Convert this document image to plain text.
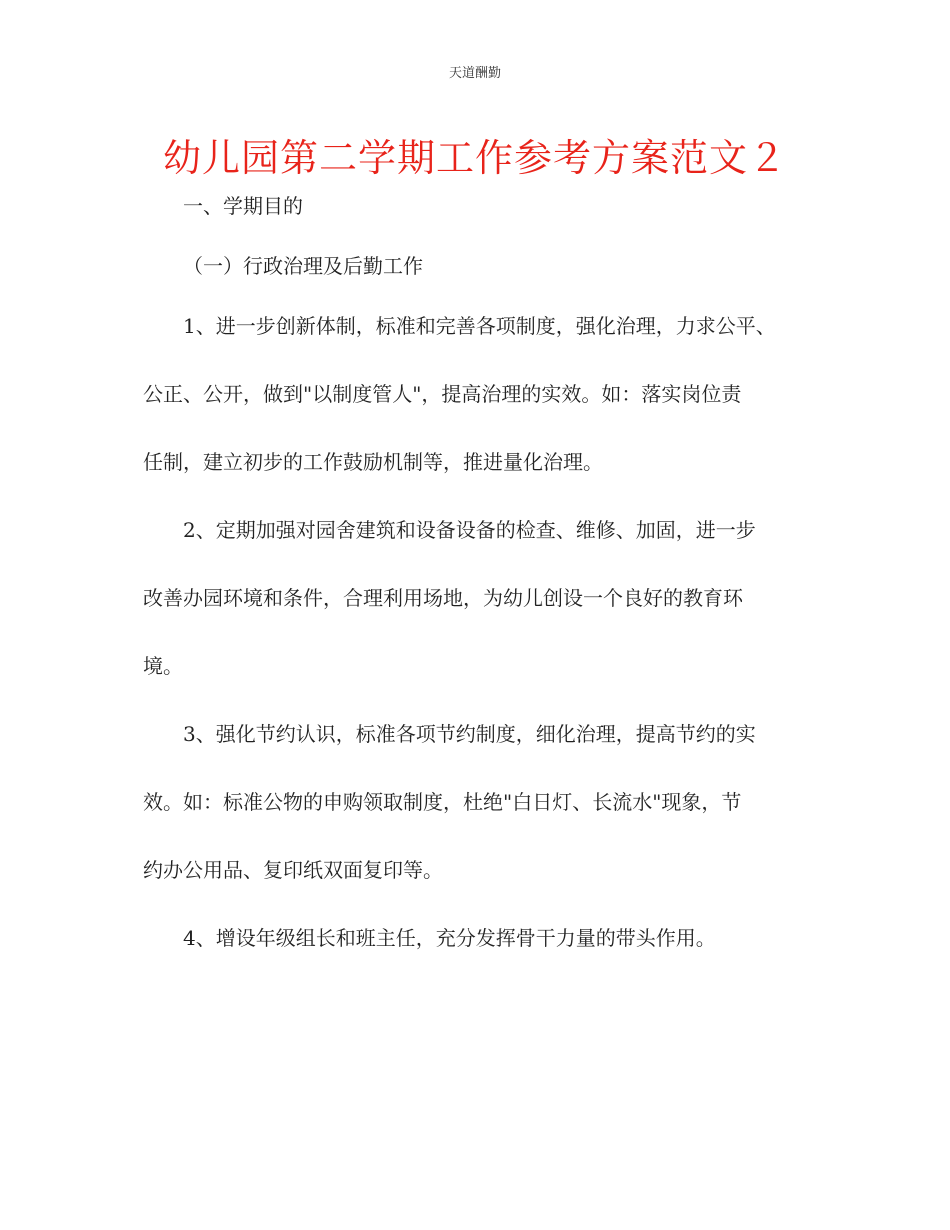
天道酬勤
幼儿园第二学期工作参考方案范文２
一、学期目的
（一）行政治理及后勤工作
1、进一步创新体制，标准和完善各项制度，强化治理，力求公平、
公正、公开，做到"以制度管人"，提高治理的实效。如：落实岗位责
任制，建立初步的工作鼓励机制等，推进量化治理。
2、定期加强对园舍建筑和设备设备的检查、维修、加固，进一步
改善办园环境和条件，合理利用场地，为幼儿创设一个良好的教育环
境。
3、强化节约认识，标准各项节约制度，细化治理，提高节约的实
效。如：标准公物的申购领取制度，杜绝"白日灯、长流水"现象，节
约办公用品、复印纸双面复印等。
4、增设年级组长和班主任，充分发挥骨干力量的带头作用。
